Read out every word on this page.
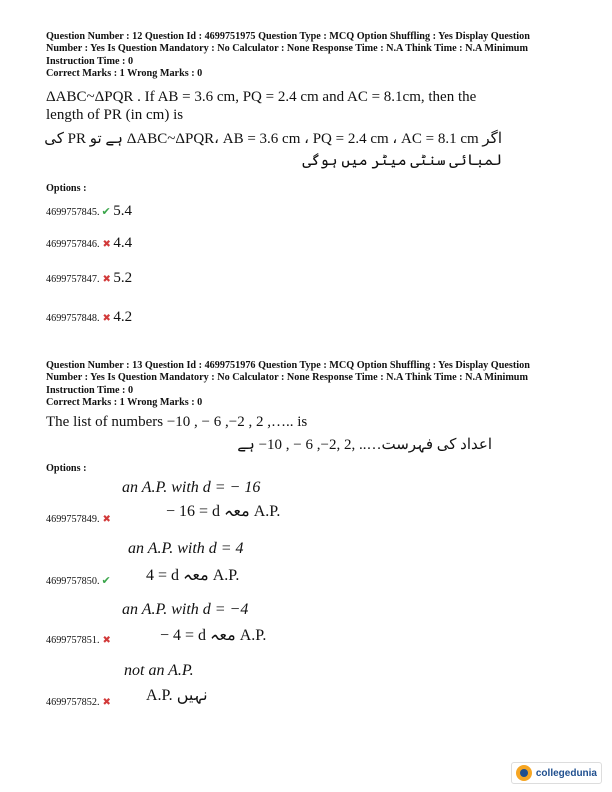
Question Number : 12 Question Id : 4699751975 Question Type : MCQ Option Shuffling : Yes Display Question
Number : Yes Is Question Mandatory : No Calculator : None Response Time : N.A Think Time : N.A Minimum
Instruction Time : 0
Correct Marks : 1 Wrong Marks : 0
ΔABC~ΔPQR . If AB = 3.6 cm, PQ = 2.4 cm and AC = 8.1cm, then the
length of PR (in cm) is
اگر ΔABC~ΔPQR، AB = 3.6 cm ، PQ = 2.4 cm ، AC = 8.1 cm ہے تو PR کی
لمبائی سنٹی میٹر میں ہوگی
Options :
4699757845. ✔ 5.4
4699757846. ✖ 4.4
4699757847. ✖ 5.2
4699757848. ✖ 4.2
Question Number : 13 Question Id : 4699751976 Question Type : MCQ Option Shuffling : Yes Display Question
Number : Yes Is Question Mandatory : No Calculator : None Response Time : N.A Think Time : N.A Minimum
Instruction Time : 0
Correct Marks : 1 Wrong Marks : 0
The list of numbers −10 , − 6 ,−2 , 2 ,….. is
اعداد کی فہرست….. ,2 ,2−, 6 − , 10− ہے
Options :
an A.P. with d = − 16
− 16 = d معہ A.P.
4699757849. ✖
an A.P. with d = 4
4 = d معہ A.P.
4699757850. ✔
an A.P. with d = −4
− 4 = d معہ A.P.
4699757851. ✖
not an A.P.
A.P. نہیں
4699757852. ✖
collegedunia
